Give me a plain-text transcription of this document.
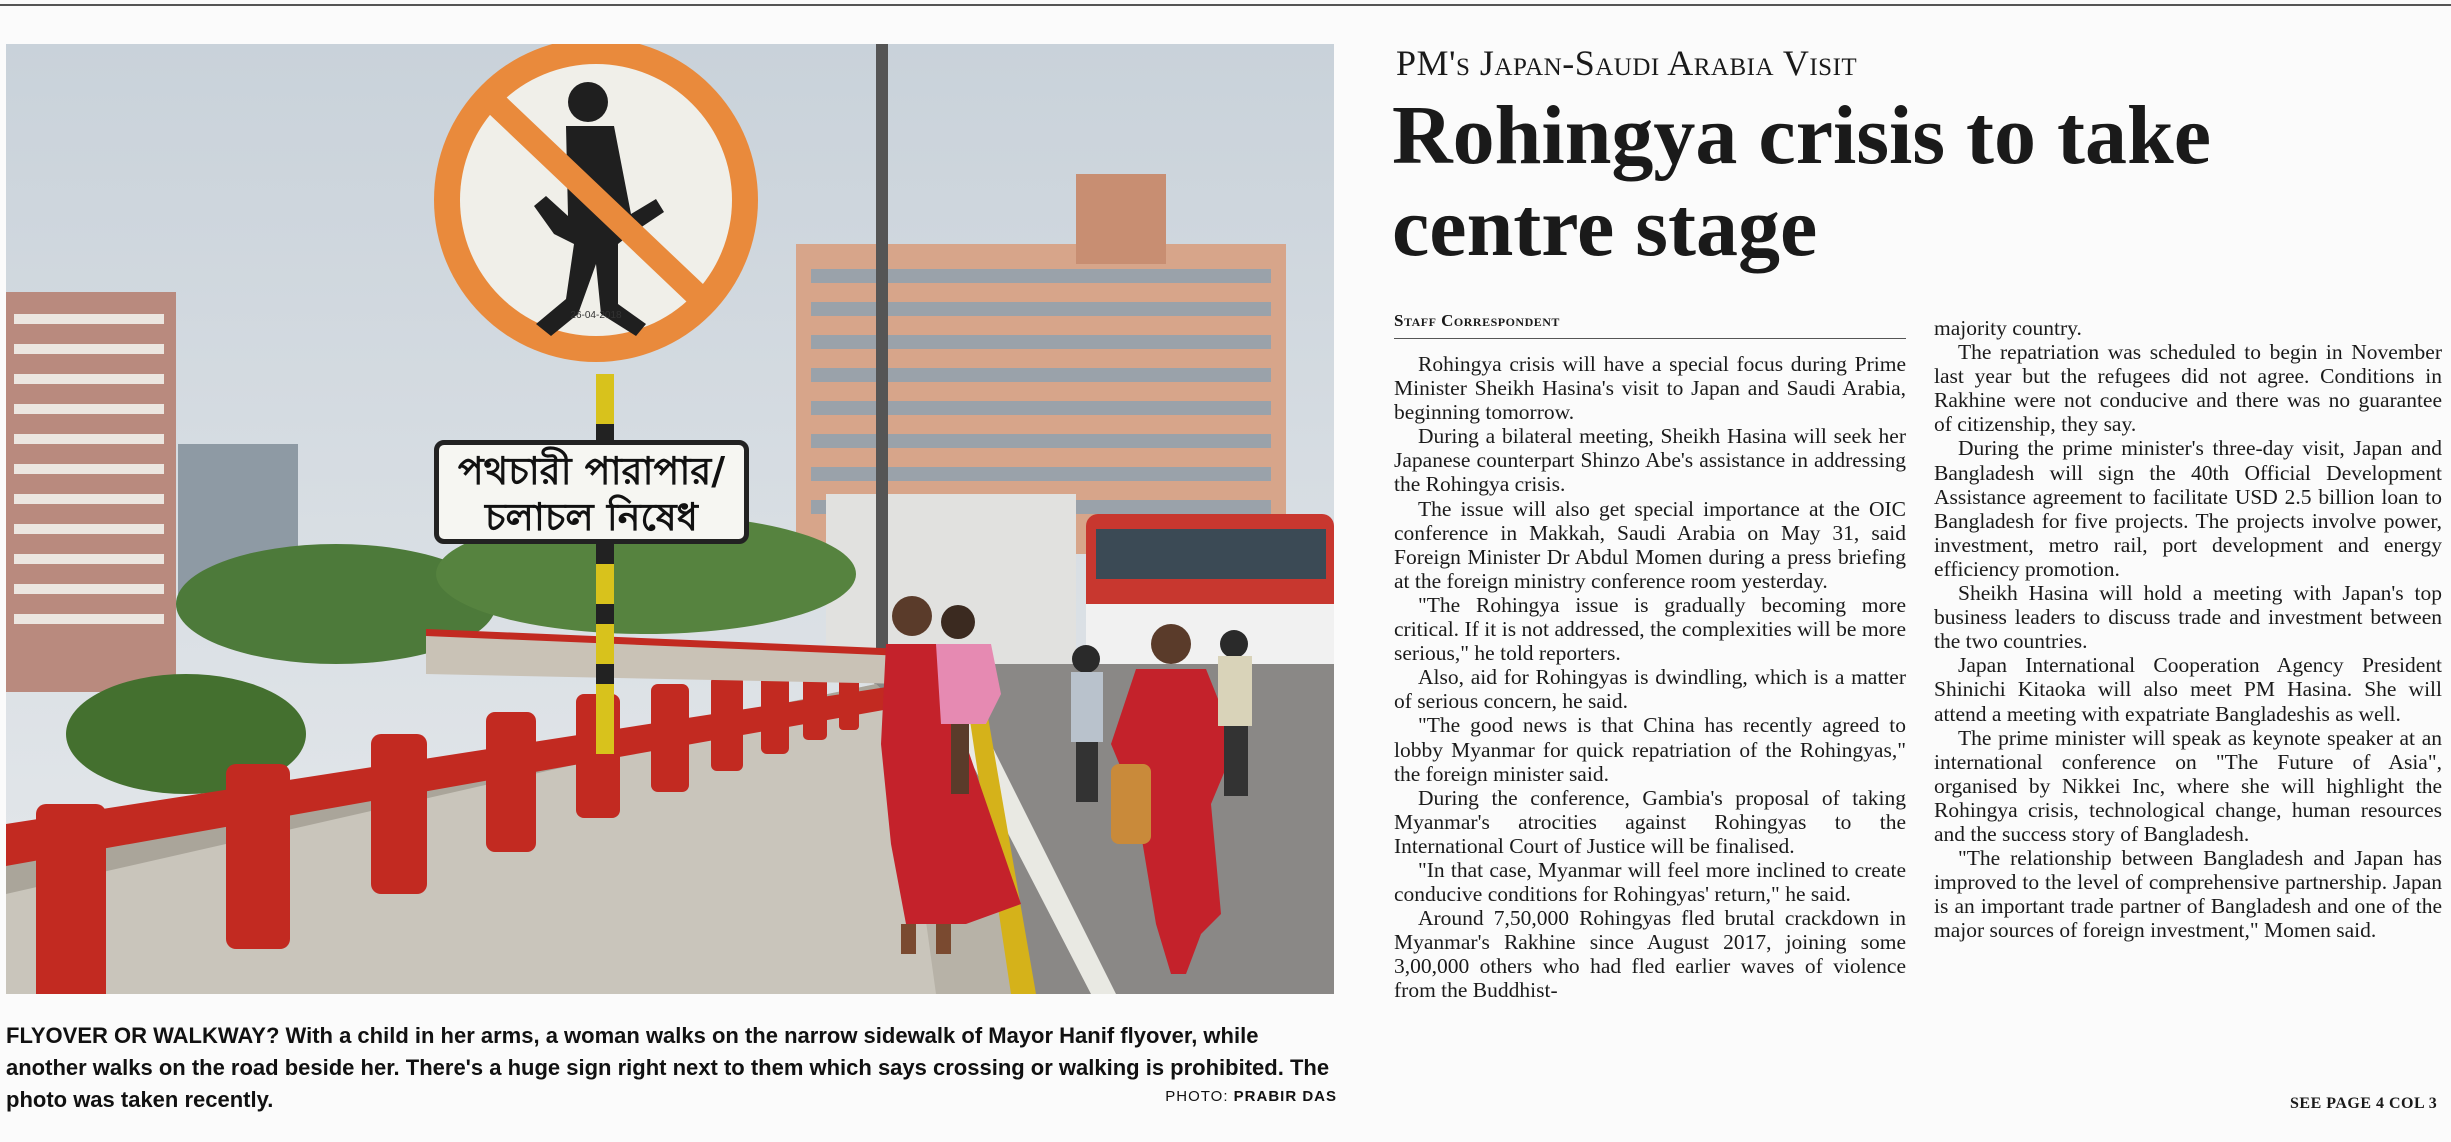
26-04-2018
পথচারী পারাপার/
চলাচল নিষেধ
FLYOVER OR WALKWAY? With a child in her arms, a woman walks on the narrow sidewalk of Mayor Hanif flyover, while another walks on the road beside her. There's a huge sign right next to them which says crossing or walking is prohibited. The photo was taken recently.	PHOTO: PRABIR DAS
PM's Japan-Saudi Arabia Visit
Rohingya crisis to take centre stage
Staff Correspondent

Rohingya crisis will have a special focus during Prime Minister Sheikh Hasina's visit to Japan and Saudi Arabia, beginning tomorrow.

During a bilateral meeting, Sheikh Hasina will seek her Japanese counterpart Shinzo Abe's assistance in addressing the Rohingya crisis.

The issue will also get special importance at the OIC conference in Makkah, Saudi Arabia on May 31, said Foreign Minister Dr Abdul Momen during a press briefing at the foreign ministry conference room yesterday.

"The Rohingya issue is gradually becoming more critical. If it is not addressed, the complexities will be more serious," he told reporters.

Also, aid for Rohingyas is dwindling, which is a matter of serious concern, he said.

"The good news is that China has recently agreed to lobby Myanmar for quick repatriation of the Rohingyas," the foreign minister said.

During the conference, Gambia's proposal of taking Myanmar's atrocities against Rohingyas to the International Court of Justice will be finalised.

"In that case, Myanmar will feel more inclined to create conducive conditions for Rohingyas' return," he said.

Around 7,50,000 Rohingyas fled brutal crackdown in Myanmar's Rakhine since August 2017, joining some 3,00,000 others who had fled earlier waves of violence from the Buddhist-

majority country.

The repatriation was scheduled to begin in November last year but the refugees did not agree. Conditions in Rakhine were not conducive and there was no guarantee of citizenship, they say.

During the prime minister's three-day visit, Japan and Bangladesh will sign the 40th Official Development Assistance agreement to facilitate USD 2.5 billion loan to Bangladesh for five projects. The projects involve power, investment, metro rail, port development and energy efficiency promotion.

Sheikh Hasina will hold a meeting with Japan's top business leaders to discuss trade and investment between the two countries.

Japan International Cooperation Agency President Shinichi Kitaoka will also meet PM Hasina. She will attend a meeting with expatriate Bangladeshis as well.

The prime minister will speak as keynote speaker at an international conference on "The Future of Asia", organised by Nikkei Inc, where she will highlight the Rohingya crisis, technological change, human resources and the success story of Bangladesh.

"The relationship between Bangladesh and Japan has improved to the level of comprehensive partnership. Japan is an important trade partner of Bangladesh and one of the major sources of foreign investment," Momen said.

SEE PAGE 4 COL 3
